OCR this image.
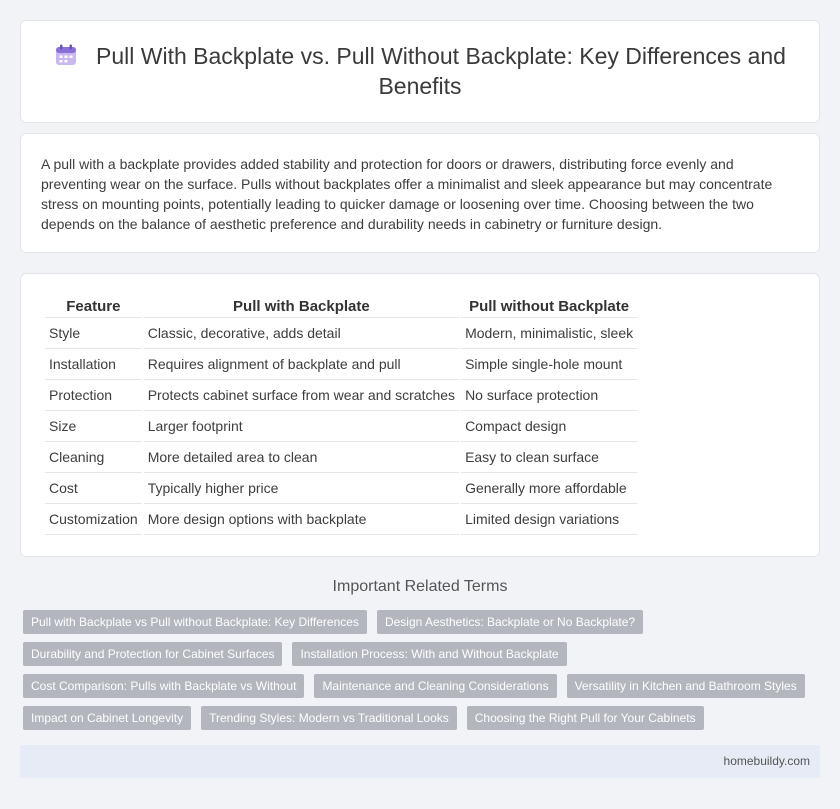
Pull With Backplate vs. Pull Without Backplate: Key Differences and Benefits

A pull with a backplate provides added stability and protection for doors or drawers, distributing force evenly and preventing wear on the surface. Pulls without backplates offer a minimalist and sleek appearance but may concentrate stress on mounting points, potentially leading to quicker damage or loosening over time. Choosing between the two depends on the balance of aesthetic preference and durability needs in cabinetry or furniture design.

Feature	Pull with Backplate	Pull without Backplate
Style	Classic, decorative, adds detail	Modern, minimalistic, sleek
Installation	Requires alignment of backplate and pull	Simple single-hole mount
Protection	Protects cabinet surface from wear and scratches	No surface protection
Size	Larger footprint	Compact design
Cleaning	More detailed area to clean	Easy to clean surface
Cost	Typically higher price	Generally more affordable
Customization	More design options with backplate	Limited design variations
Important Related Terms
Pull with Backplate vs Pull without Backplate: Key Differences Design Aesthetics: Backplate or No Backplate?
Durability and Protection for Cabinet Surfaces Installation Process: With and Without Backplate
Cost Comparison: Pulls with Backplate vs Without Maintenance and Cleaning Considerations Versatility in Kitchen and Bathroom Styles
Impact on Cabinet Longevity Trending Styles: Modern vs Traditional Looks Choosing the Right Pull for Your Cabinets
homebuildy.com
